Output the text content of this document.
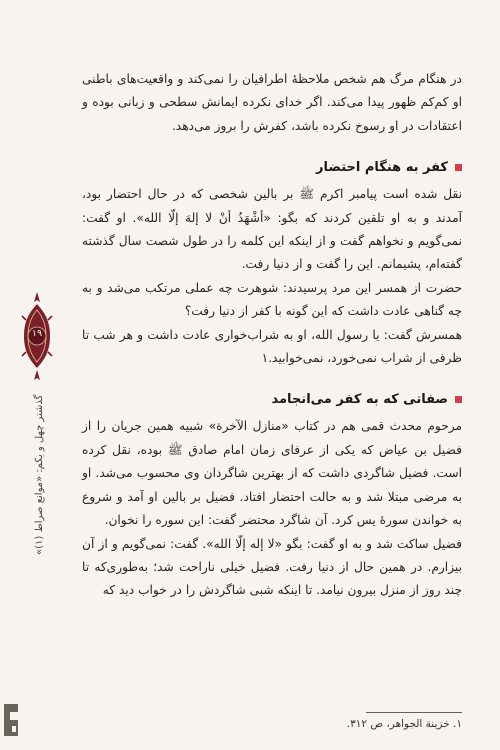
در هنگام مرگ هم شخص ملاحظهٔ اطرافیان را نمی‌کند و واقعیت‌های باطنی او کم‌کم ظهور پیدا می‌کند. اگر خدای نکرده ایمانش سطحی و زبانی بوده و اعتقادات در او رسوخ نکرده باشد، کفرش را بروز می‌دهد.

کفر به هنگام احتضار

نقل شده است پیامبر اکرم ﷺ بر بالین شخصی که در حال احتضار بود، آمدند و به او تلقین کردند که بگو: «أشْهَدُ أنْ لا إلهَ إلّا الله». او گفت: نمی‌گویم و نخواهم گفت و از اینکه این کلمه را در طول شصت سال گذشته گفته‌ام، پشیمانم. این را گفت و از دنیا رفت.

حضرت از همسر این مرد پرسیدند: شوهرت چه عملی مرتکب می‌شد و به چه گناهی عادت داشت که این گونه با کفر از دنیا رفت؟

همسرش گفت: یا رسول الله، او به شراب‌خواری عادت داشت و هر شب تا ظرفی از شراب نمی‌خورد، نمی‌خوابید.۱

صفاتی که به کفر می‌انجامد

مرحوم محدث قمی هم در کتاب «منازل الآخرة» شبیه همین جریان را از فضیل بن عیاض که یکی از عرفای زمان امام صادق ﷺ بوده، نقل کرده است. فضیل شاگردی داشت که از بهترین شاگردان وی محسوب می‌شد. او به مرضی مبتلا شد و به حالت احتضار افتاد. فضیل بر بالین او آمد و شروع به خواندن سورهٔ یس کرد. آن شاگرد محتضر گفت: این سوره را نخوان.

فضیل ساکت شد و به او گفت: بگو «لا إله إلّا الله». گفت: نمی‌گویم و از آن بیزارم. در همین حال از دنیا رفت. فضیل خیلی ناراحت شد؛ به‌طوری‌که تا چند روز از منزل بیرون نیامد. تا اینکه شبی شاگردش را در خواب دید که

۱. خزینة الجواهر، ص ۳۱۲.
۱۹
گذشتر چهل و یکم: «موانع صراط (۱)»
